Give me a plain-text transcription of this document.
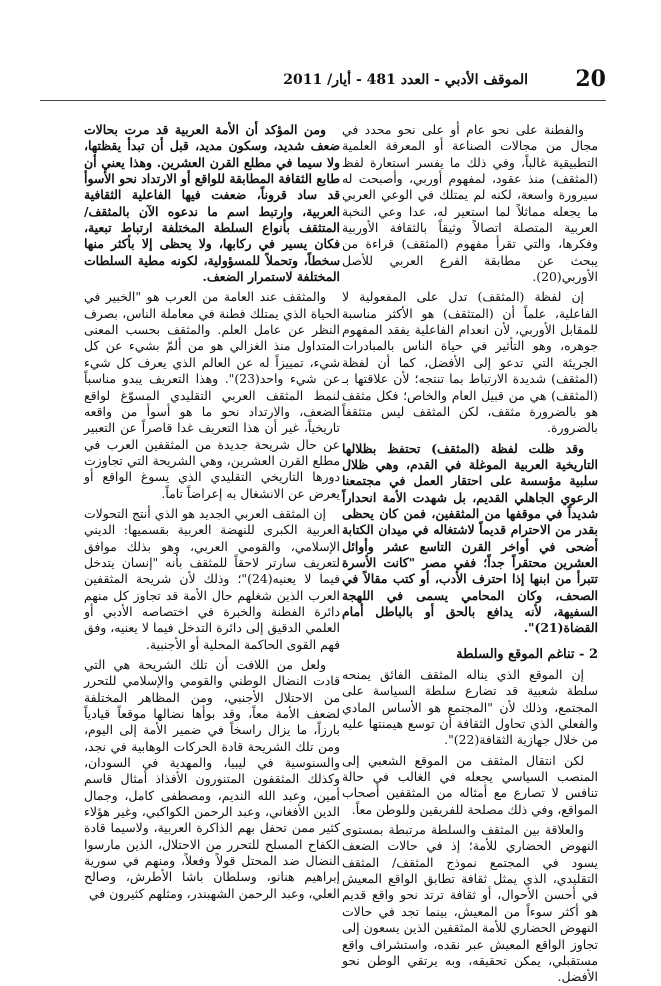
20
الموقف الأدبي - العدد 481 - أيار/ 2011

والفطنة على نحو عام أو على نحو محدد في مجال من مجالات الصناعة أو المعرفة العلمية التطبيقية غالباً، وفي ذلك ما يفسر استعارة لفظ (المثقف) منذ عقود، لمفهوم أوربي، وأصبحت له سيرورة واسعة، لكنه لم يمتلك في الوعي العربي ما يجعله مماثلاً لما استعير له، عدا وعي النخبة العربية المتصلة اتصالاً وثيقاً بالثقافة الأوربية وفكرها، والتي تقرأ مفهوم (المثقف) قراءة من يبحث عن مطابقة الفرع العربي للأصل الأوربي(20).

إن لفظة (المثقف) تدل على المفعولية لا الفاعلية، علماً أن (المتثقف) هو الأكثر مناسبة للمقابل الأوربي، لأن انعدام الفاعلية يفقد المفهوم جوهره، وهو التأثير في حياة الناس بالمبادرات الجريئة التي تدعو إلى الأفضل، كما أن لفظة (المثقف) شديدة الارتباط بما تنتجه؛ لأن علاقتها بـ (المثقف) هي من قبيل العام والخاص؛ فكل مثقف هو بالضرورة مثقف، لكن المثقف ليس متثقفاً بالضرورة.

وقد ظلت لفظة (المثقف) تحتفظ بظلالها التاريخية العربية الموغلة في القدم، وهي ظلال سلبية مؤسسة على احتقار العمل في مجتمعنا الرعوي الجاهلي القديم، بل شهدت الأمة انحداراً شديداً في موقفها من المثقفين، فمن كان يحظى بقدر من الاحترام قديماً لاشتغاله في ميدان الكتابة أضحى في أواخر القرن التاسع عشر وأوائل العشرين محتقراً جداً؛ ففي مصر "كانت الأسرة تتبرأ من ابنها إذا احترف الأدب، أو كتب مقالاً في الصحف، وكان المحامي يسمى في اللهجة السفيهة، لأنه يدافع بالحق أو بالباطل أمام القضاة(21)".

2 - تناغم الموقع والسلطة

إن الموقع الذي يناله المثقف الفائق يمنحه سلطة شعبية قد تضارع سلطة السياسة على المجتمع، وذلك لأن "المجتمع هو الأساس المادي والفعلي الذي تحاول الثقافة أن توسع هيمنتها عليه من خلال جهازية الثقافة(22)".

لكن انتقال المثقف من الموقع الشعبي إلى المنصب السياسي يجعله في الغالب في حالة تنافس لا تصارع مع أمثاله من المثقفين أصحاب المواقع، وفي ذلك مصلحة للفريقين وللوطن معاً.

والعلاقة بين المثقف والسلطة مرتبطة بمستوى النهوض الحضاري للأمة؛ إذ في حالات الضعف يسود في المجتمع نموذج المثقف/ المثقف التقليدي، الذي يمثل ثقافة تطابق الواقع المعيش في أحسن الأحوال، أو ثقافة ترتد نحو واقع قديم هو أكثر سوءاً من المعيش، بينما تجد في حالات النهوض الحضاري للأمة المثقفين الذين يسعون إلى تجاوز الواقع المعيش عبر نقده، واستشراف واقع مستقبلي، يمكن تحقيقه، وبه يرتقي الوطن نحو الأفضل.

ومن المؤكد أن الأمة العربية قد مرت بحالات ضعف شديد، وسكون مديد، قبل أن تبدأ يقظتها، ولا سيما في مطلع القرن العشرين. وهذا يعني أن طابع الثقافة المطابقة للواقع أو الارتداد نحو الأسوأ قد ساد قروناً، ضعفت فيها الفاعلية الثقافية العربية، وارتبط اسم ما ندعوه الآن بالمثقف/ المتثقف بأنواع السلطة المختلفة ارتباط تبعية، فكان يسير في ركابها، ولا يحظى إلا بأكثر منها سخطاً، وتحملاً للمسؤولية، لكونه مطية السلطات المختلفة لاستمرار الضعف.

والمثقف عند العامة من العرب هو "الخبير في الحياة الذي يمتلك فطنة في معاملة الناس، بصرف النظر عن عامل العلم. والمثقف بحسب المعنى المتداول منذ الغزالي هو من ألمّ بشيء عن كل شيء، تمييزاً له عن العالم الذي يعرف كل شيء عن شيء واحد(23)". وهذا التعريف يبدو مناسباً لنمط المثقف العربي التقليدي المسوّغ لواقع الضعف، والارتداد نحو ما هو أسوأ من واقعه تاريخياً، غير أن هذا التعريف غدا قاصراً عن التعبير عن حال شريحة جديدة من المثقفين العرب في مطلع القرن العشرين، وهي الشريحة التي تجاوزت دورها التاريخي التقليدي الذي يسوغ الواقع أو يعرض عن الانشغال به إعراضاً تاماً.

إن المثقف العربي الجديد هو الذي أنتج التحولات العربية الكبرى للنهضة العربية بقسميها: الديني الإسلامي، والقومي العربي، وهو بذلك موافق لتعريف سارتر لاحقاً للمثقف بأنه "إنسان يتدخل فيما لا يعنيه(24)"؛ وذلك لأن شريحة المثقفين العرب الذين شغلهم حال الأمة قد تجاوز كل منهم دائرة الفطنة والخبرة في اختصاصه الأدبي أو العلمي الدقيق إلى دائرة التدخل فيما لا يعنيه، وفق فهم القوى الحاكمة المحلية أو الأجنبية.

ولعل من اللافت أن تلك الشريحة هي التي قادت النضال الوطني والقومي والإسلامي للتحرر من الاحتلال الأجنبي، ومن المظاهر المختلفة لضعف الأمة معاً، وقد بوأها نضالها موقعاً قيادياً بارزاً، ما يزال راسخاً في ضمير الأمة إلى اليوم، ومن تلك الشريحة قادة الحركات الوهابية في نجد، والسنوسية في ليبيا، والمهدية في السودان، وكذلك المثقفون المتنورون الأفذاذ أمثال قاسم أمين، وعبد الله النديم، ومصطفى كامل، وجمال الدين الأفغاني، وعبد الرحمن الكواكبي، وغير هؤلاء كثير ممن تحفل بهم الذاكرة العربية، ولاسيما قادة الكفاح المسلح للتحرر من الاحتلال، الذين مارسوا النضال ضد المحتل قولاً وفعلاً، ومنهم في سورية إبراهيم هنانو، وسلطان باشا الأطرش، وصالح العلي، وعبد الرحمن الشهبندر، ومثلهم كثيرون في
